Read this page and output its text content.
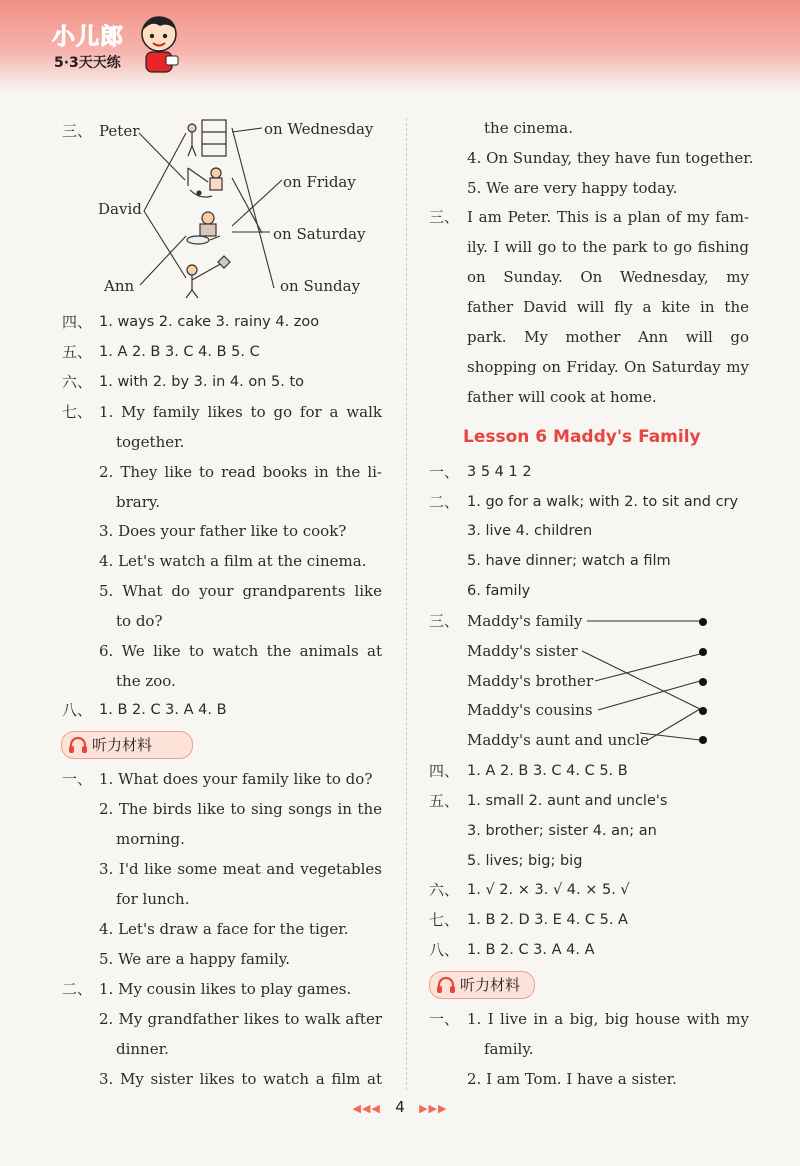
小儿郎
5·3天天练
三、 Peter
David
Ann
on Wednesday
on Friday
on Saturday
on Sunday
四、 1. ways 2. cake 3. rainy 4. zoo
五、 1. A 2. B 3. C 4. B 5. C
六、 1. with 2. by 3. in 4. on 5. to
七、 1. My family likes to go for a walk
together.
2. They like to read books in the li-
brary.
3. Does your father like to cook?
4. Let's watch a film at the cinema.
5. What do your grandparents like
to do?
6. We like to watch the animals at
the zoo.
八、 1. B 2. C 3. A 4. B
听力材料
一、 1. What does your family like to do?
2. The birds like to sing songs in the
morning.
3. I'd like some meat and vegetables
for lunch.
4. Let's draw a face for the tiger.
5. We are a happy family.
二、 1. My cousin likes to play games.
2. My grandfather likes to walk after
dinner.
3. My sister likes to watch a film at
the cinema.
4. On Sunday, they have fun together.
5. We are very happy today.
三、 I am Peter. This is a plan of my fam-
ily. I will go to the park to go fishing
on Sunday. On Wednesday, my
father David will fly a kite in the
park. My mother Ann will go
shopping on Friday. On Saturday my
father will cook at home.
Lesson 6 Maddy's Family
一、 3 5 4 1 2
二、 1. go for a walk; with 2. to sit and cry
3. live 4. children
5. have dinner; watch a film
6. family
三、 Maddy's family
Maddy's sister
Maddy's brother
Maddy's cousins
Maddy's aunt and uncle
四、 1. A 2. B 3. C 4. C 5. B
五、 1. small 2. aunt and uncle's
3. brother; sister 4. an; an
5. lives; big; big
六、 1. √ 2. × 3. √ 4. × 5. √
七、 1. B 2. D 3. E 4. C 5. A
八、 1. B 2. C 3. A 4. A
听力材料
一、 1. I live in a big, big house with my
family.
2. I am Tom. I have a sister.
◀◀◀ 4 ▶▶▶
